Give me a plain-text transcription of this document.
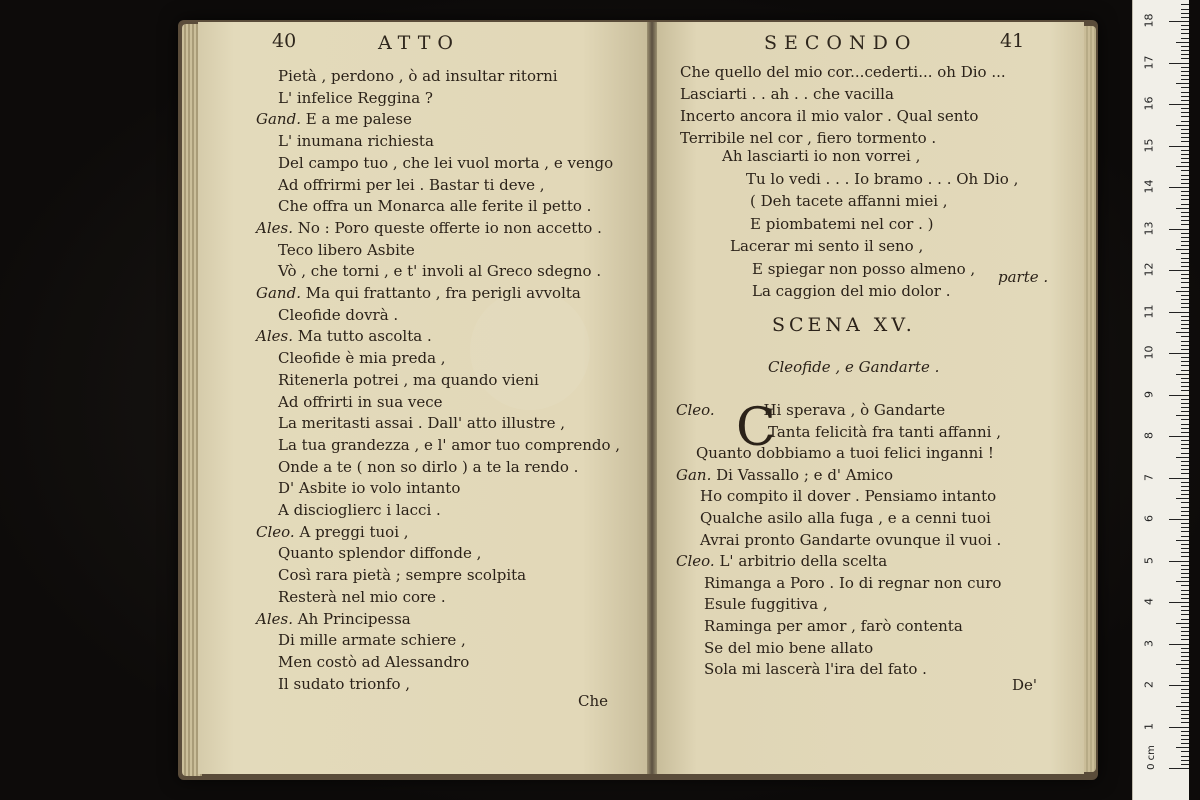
40	ATTO
Pietà , perdono , ò ad insultar ritorni
L' infelice Reggina ?
Gand. E a me palese
L' inumana richiesta
Del campo tuo , che lei vuol morta , e vengo
Ad offrirmi per lei . Bastar ti deve ,
Che offra un Monarca alle ferite il petto .
Ales. No : Poro queste offerte io non accetto .
Teco libero Asbite
Vò , che torni , e t' involi al Greco sdegno .
Gand. Ma qui frattanto , fra perigli avvolta
Cleofide dovrà .
Ales. Ma tutto ascolta .
Cleofide è mia preda ,
Ritenerla potrei , ma quando vieni
Ad offrirti in sua vece
La meritasti assai . Dall' atto illustre ,
La tua grandezza , e l' amor tuo comprendo ,
Onde a te ( non so dirlo ) a te la rendo .
D' Asbite io volo intanto
A discioglierc i lacci .
Cleo. A preggi tuoi ,
Quanto splendor diffonde ,
Così rara pietà ; sempre scolpita
Resterà nel mio core .
Ales. Ah Principessa
Di mille armate schiere ,
Men costò ad Alessandro
Il sudato trionfo ,
Che
SECONDO	41
Che quello del mio cor...cederti... oh Dio ...
Lasciarti . . ah . . che vacilla
Incerto ancora il mio valor . Qual sento
Terribile nel cor , fiero tormento .
Ah lasciarti io non vorrei ,
Tu lo vedi . . . Io bramo . . . Oh Dio ,
( Deh tacete affanni miei ,
E piombatemi nel cor . )
Lacerar mi sento il seno ,
E spiegar non posso almeno ,
La caggion del mio dolor .
parte .
SCENA XV.
Cleofide , e Gandarte .
C
Cleo.	Hi sperava , ò Gandarte
Tanta felicità fra tanti affanni ,
Quanto dobbiamo a tuoi felici inganni !
Gan. Di Vassallo ; e d' Amico
Ho compito il dover . Pensiamo intanto
Qualche asilo alla fuga , e a cenni tuoi
Avrai pronto Gandarte ovunque il vuoi .
Cleo. L' arbitrio della scelta
Rimanga a Poro . Io di regnar non curo
Esule fuggitiva ,
Raminga per amor , farò contenta
Se del mio bene allato
Sola mi lascerà l'ira del fato .
De'
0 cm
1
2
3
4
5
6
7
8
9
10
11
12
13
14
15
16
17
18
